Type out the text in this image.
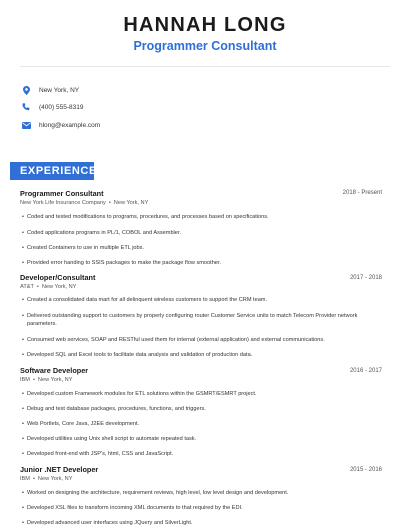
HANNAH LONG
Programmer Consultant
New York, NY
(400) 555-8319
hlong@example.com
EXPERIENCE
Programmer Consultant	2018 - Present
New York Life Insurance Company • New York, NY
• Coded and tested modifications to programs, procedures, and processes based on specifications.
• Coded applications programs in PL/1, COBOL and Assembler.
• Created Containers to use in multiple ETL jobs.
• Provided error handing to SSIS packages to make the package flow smoother.
Developer/Consultant	2017 - 2018
AT&T • New York, NY
• Created a consolidated data mart for all delinquent wireless customers to support the CRM team.
• Delivered outstanding support to customers by properly configuring router Customer Service units to match Telecom Provider network parameters.
• Consumed web services, SOAP and RESTful used them for internal (external application) and external communications.
• Developed SQL and Excel tools to facilitate data analysis and validation of production data.
Software Developer	2016 - 2017
IBM • New York, NY
• Developed custom Framework modules for ETL solutions within the GSMRT/ESMRT project.
• Debug and test database packages, procedures, functions, and triggers.
• Web Portlets, Core Java, J2EE development.
• Developed utilities using Unix shell script to automate repeated task.
• Developed front-end with JSP's, html, CSS and JavaScript.
Junior .NET Developer	2015 - 2016
IBM • New York, NY
• Worked on designing the architecture, requirement reviews, high level, low level design and development.
• Developed XSL files to transform incoming XML documents to that required by the EDI.
• Developed advanced user interfaces using JQuery and SilverLight.
